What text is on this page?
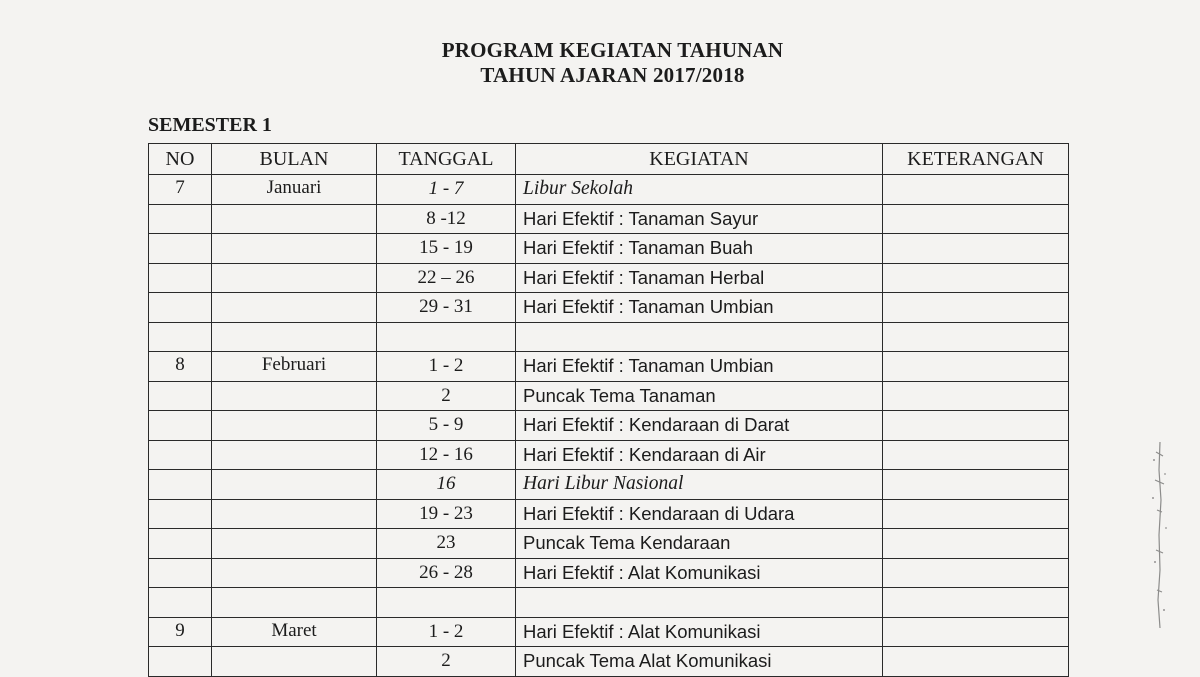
PROGRAM KEGIATAN TAHUNAN
TAHUN AJARAN 2017/2018
SEMESTER 1
NO	BULAN	TANGGAL	KEGIATAN	KETERANGAN
7	Januari	1 - 7	Libur Sekolah	
		8 -12	Hari Efektif : Tanaman Sayur	
		15 - 19	Hari Efektif : Tanaman Buah	
		22 – 26	Hari Efektif : Tanaman Herbal	
		29 - 31	Hari Efektif : Tanaman Umbian	

8	Februari	1 - 2	Hari Efektif : Tanaman Umbian	
		2	Puncak Tema Tanaman	
		5 - 9	Hari Efektif : Kendaraan di Darat	
		12 - 16	Hari Efektif : Kendaraan di Air	
		16	Hari Libur Nasional	
		19 - 23	Hari Efektif : Kendaraan di Udara	
		23	Puncak Tema Kendaraan	
		26 - 28	Hari Efektif : Alat Komunikasi	

9	Maret	1 - 2	Hari Efektif : Alat Komunikasi	
		2	Puncak Tema Alat Komunikasi	
